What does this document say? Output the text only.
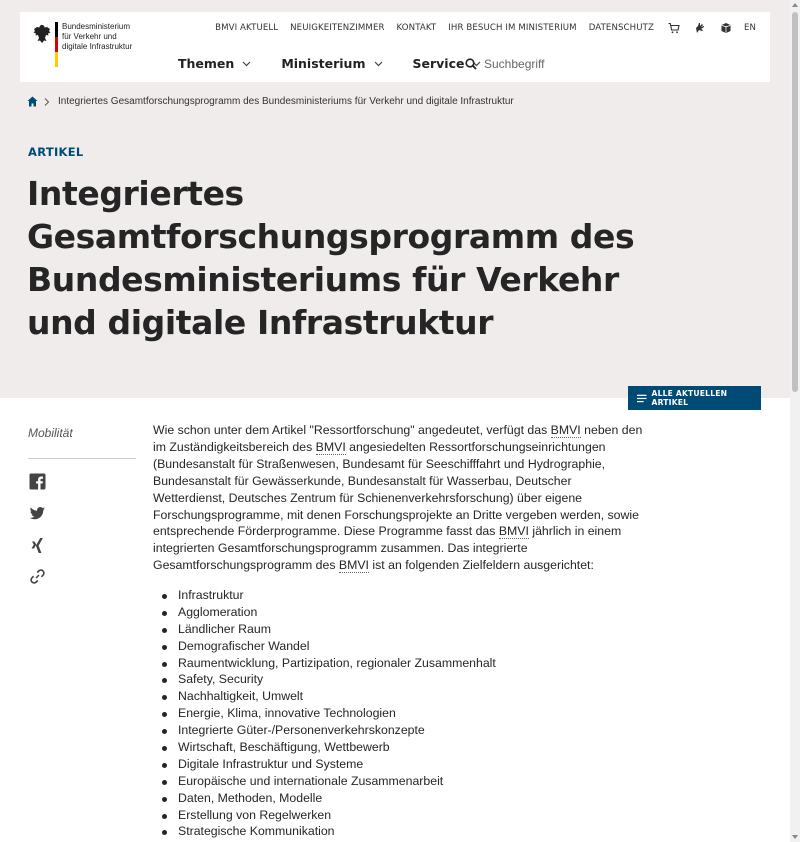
Bundesministerium
für Verkehr und
digitale Infrastruktur
BMVI AKTUELL NEUIGKEITENZIMMER KONTAKT IHR BESUCH IM MINISTERIUM DATENSCHUTZ	EN
Themen	Ministerium	Service Suchbegriff
Integriertes Gesamtforschungsprogramm des Bundesministeriums für Verkehr und digitale Infrastruktur
ARTIKEL
Integriertes Gesamtforschungsprogramm des Bundesministeriums für Verkehr und digitale Infrastruktur
ALLE AKTUELLEN ARTIKEL
Mobilität	Wie schon unter dem Artikel "Ressortforschung" angedeutet, verfügt das BMVI neben den im Zuständigkeitsbereich des BMVI angesiedelten Ressortforschungseinrichtungen (Bundesanstalt für Straßenwesen, Bundesamt für Seeschifffahrt und Hydrographie, Bundesanstalt für Gewässerkunde, Bundesanstalt für Wasserbau, Deutscher Wetterdienst, Deutsches Zentrum für Schienenverkehrsforschung) über eigene Forschungsprogramme, mit denen Forschungsprojekte an Dritte vergeben werden, sowie entsprechende Förderprogramme. Diese Programme fasst das BMVI jährlich in einem integrierten Gesamtforschungsprogramm zusammen. Das integrierte Gesamtforschungsprogramm des BMVI ist an folgenden Zielfeldern ausgerichtet:

Infrastruktur
Agglomeration
Ländlicher Raum
Demografischer Wandel
Raumentwicklung, Partizipation, regionaler Zusammenhalt
Safety, Security
Nachhaltigkeit, Umwelt
Energie, Klima, innovative Technologien
Integrierte Güter-/Personenverkehrskonzepte
Wirtschaft, Beschäftigung, Wettbewerb
Digitale Infrastruktur und Systeme
Europäische und internationale Zusammenarbeit
Daten, Methoden, Modelle
Erstellung von Regelwerken
Strategische Kommunikation
